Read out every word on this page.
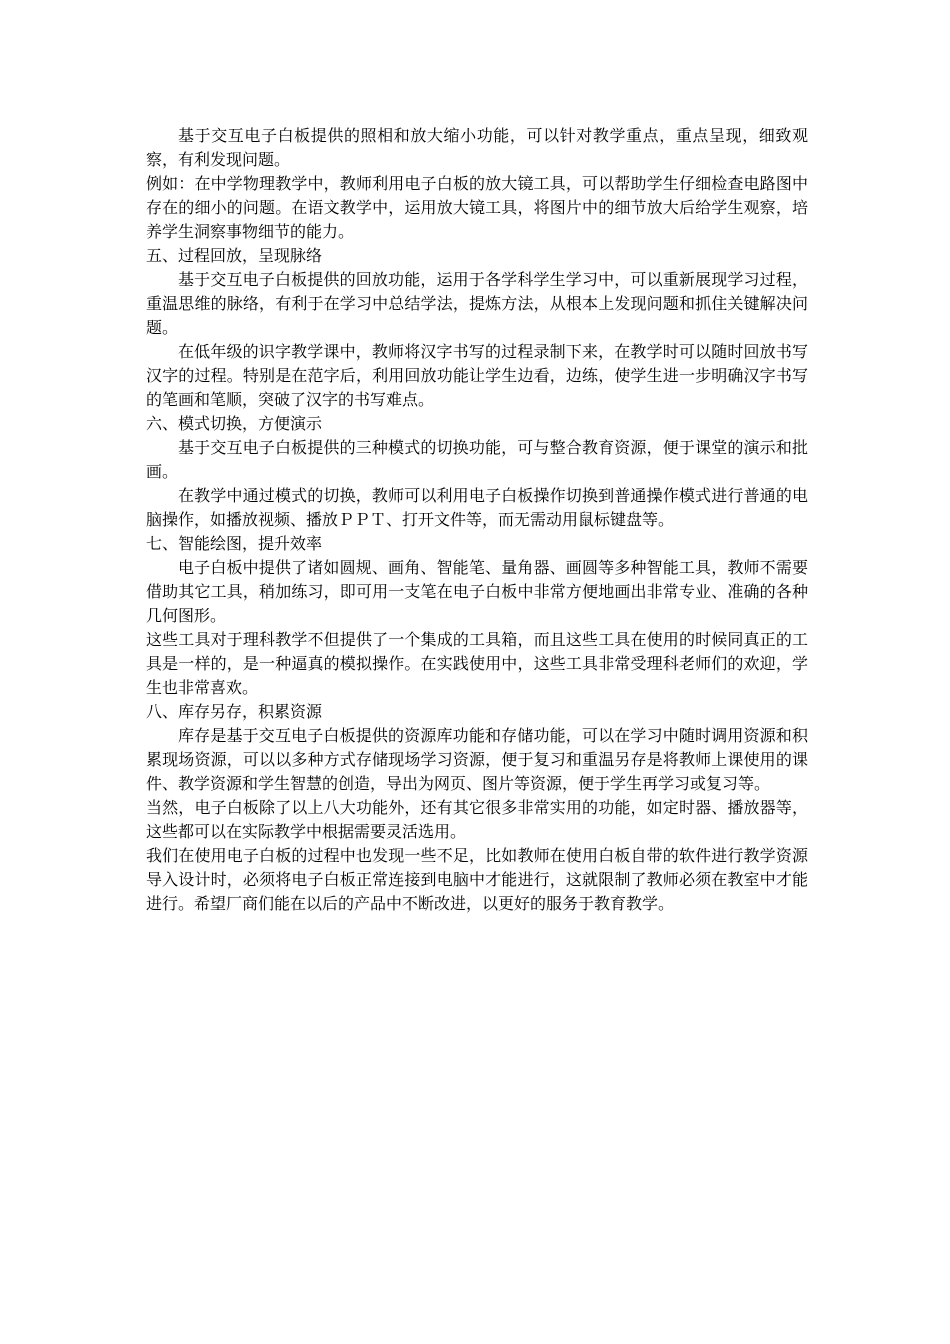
基于交互电子白板提供的照相和放大缩小功能，可以针对教学重点，重点呈现，细致观察，有利发现问题。

例如：在中学物理教学中，教师利用电子白板的放大镜工具，可以帮助学生仔细检查电路图中存在的细小的问题。在语文教学中，运用放大镜工具，将图片中的细节放大后给学生观察，培养学生洞察事物细节的能力。

五、过程回放，呈现脉络

基于交互电子白板提供的回放功能，运用于各学科学生学习中，可以重新展现学习过程，重温思维的脉络，有利于在学习中总结学法，提炼方法，从根本上发现问题和抓住关键解决问题。

在低年级的识字教学课中，教师将汉字书写的过程录制下来，在教学时可以随时回放书写汉字的过程。特别是在范字后，利用回放功能让学生边看，边练，使学生进一步明确汉字书写的笔画和笔顺，突破了汉字的书写难点。

六、模式切换，方便演示

基于交互电子白板提供的三种模式的切换功能，可与整合教育资源，便于课堂的演示和批画。

在教学中通过模式的切换，教师可以利用电子白板操作切换到普通操作模式进行普通的电脑操作，如播放视频、播放ＰＰＴ、打开文件等，而无需动用鼠标键盘等。

七、智能绘图，提升效率

电子白板中提供了诸如圆规、画角、智能笔、量角器、画圆等多种智能工具，教师不需要借助其它工具，稍加练习，即可用一支笔在电子白板中非常方便地画出非常专业、准确的各种几何图形。

这些工具对于理科教学不但提供了一个集成的工具箱，而且这些工具在使用的时候同真正的工具是一样的，是一种逼真的模拟操作。在实践使用中，这些工具非常受理科老师们的欢迎，学生也非常喜欢。

八、库存另存，积累资源

库存是基于交互电子白板提供的资源库功能和存储功能，可以在学习中随时调用资源和积累现场资源，可以以多种方式存储现场学习资源，便于复习和重温另存是将教师上课使用的课件、教学资源和学生智慧的创造，导出为网页、图片等资源，便于学生再学习或复习等。

当然，电子白板除了以上八大功能外，还有其它很多非常实用的功能，如定时器、播放器等，这些都可以在实际教学中根据需要灵活选用。

我们在使用电子白板的过程中也发现一些不足，比如教师在使用白板自带的软件进行教学资源导入设计时，必须将电子白板正常连接到电脑中才能进行，这就限制了教师必须在教室中才能进行。希望厂商们能在以后的产品中不断改进，以更好的服务于教育教学。
